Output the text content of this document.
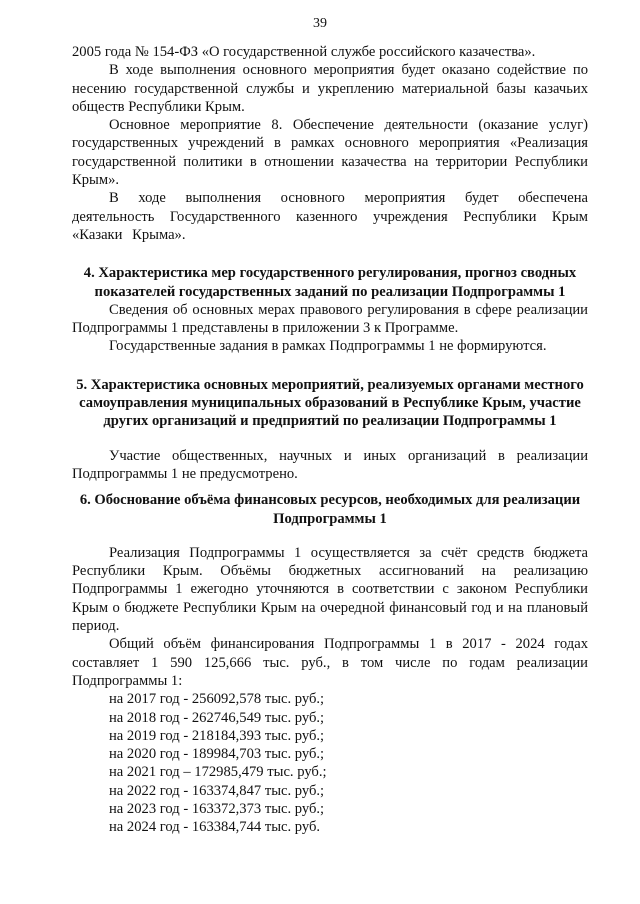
39

2005 года № 154-ФЗ «О государственной службе российского казачества».

В ходе выполнения основного мероприятия будет оказано содействие по несению государственной службы и укреплению материальной базы казачьих обществ Республики Крым.

Основное мероприятие 8. Обеспечение деятельности (оказание услуг) государственных учреждений в рамках основного мероприятия «Реализация государственной политики в отношении казачества на территории Республики Крым».

В ходе выполнения основного мероприятия будет обеспечена деятельность Государственного казенного учреждения Республики Крым «Казаки Крыма».

4. Характеристика мер государственного регулирования, прогноз сводных показателей государственных заданий по реализации Подпрограммы 1

Сведения об основных мерах правового регулирования в сфере реализации Подпрограммы 1 представлены в приложении 3 к Программе.

Государственные задания в рамках Подпрограммы 1 не формируются.

5. Характеристика основных мероприятий, реализуемых органами местного самоуправления муниципальных образований в Республике Крым, участие других организаций и предприятий по реализации Подпрограммы 1

Участие общественных, научных и иных организаций в реализации Подпрограммы 1 не предусмотрено.

6. Обоснование объёма финансовых ресурсов, необходимых для реализации Подпрограммы 1

Реализация Подпрограммы 1 осуществляется за счёт средств бюджета Республики Крым. Объёмы бюджетных ассигнований на реализацию Подпрограммы 1 ежегодно уточняются в соответствии с законом Республики Крым о бюджете Республики Крым на очередной финансовый год и на плановый период.

Общий объём финансирования Подпрограммы 1 в 2017 - 2024 годах составляет 1 590 125,666 тыс. руб., в том числе по годам реализации Подпрограммы 1:

на 2017 год - 256092,578 тыс. руб.;
на 2018 год - 262746,549 тыс. руб.;
на 2019 год - 218184,393 тыс. руб.;
на 2020 год - 189984,703 тыс. руб.;
на 2021 год – 172985,479 тыс. руб.;
на 2022 год - 163374,847 тыс. руб.;
на 2023 год - 163372,373 тыс. руб.;
на 2024 год - 163384,744 тыс. руб.
